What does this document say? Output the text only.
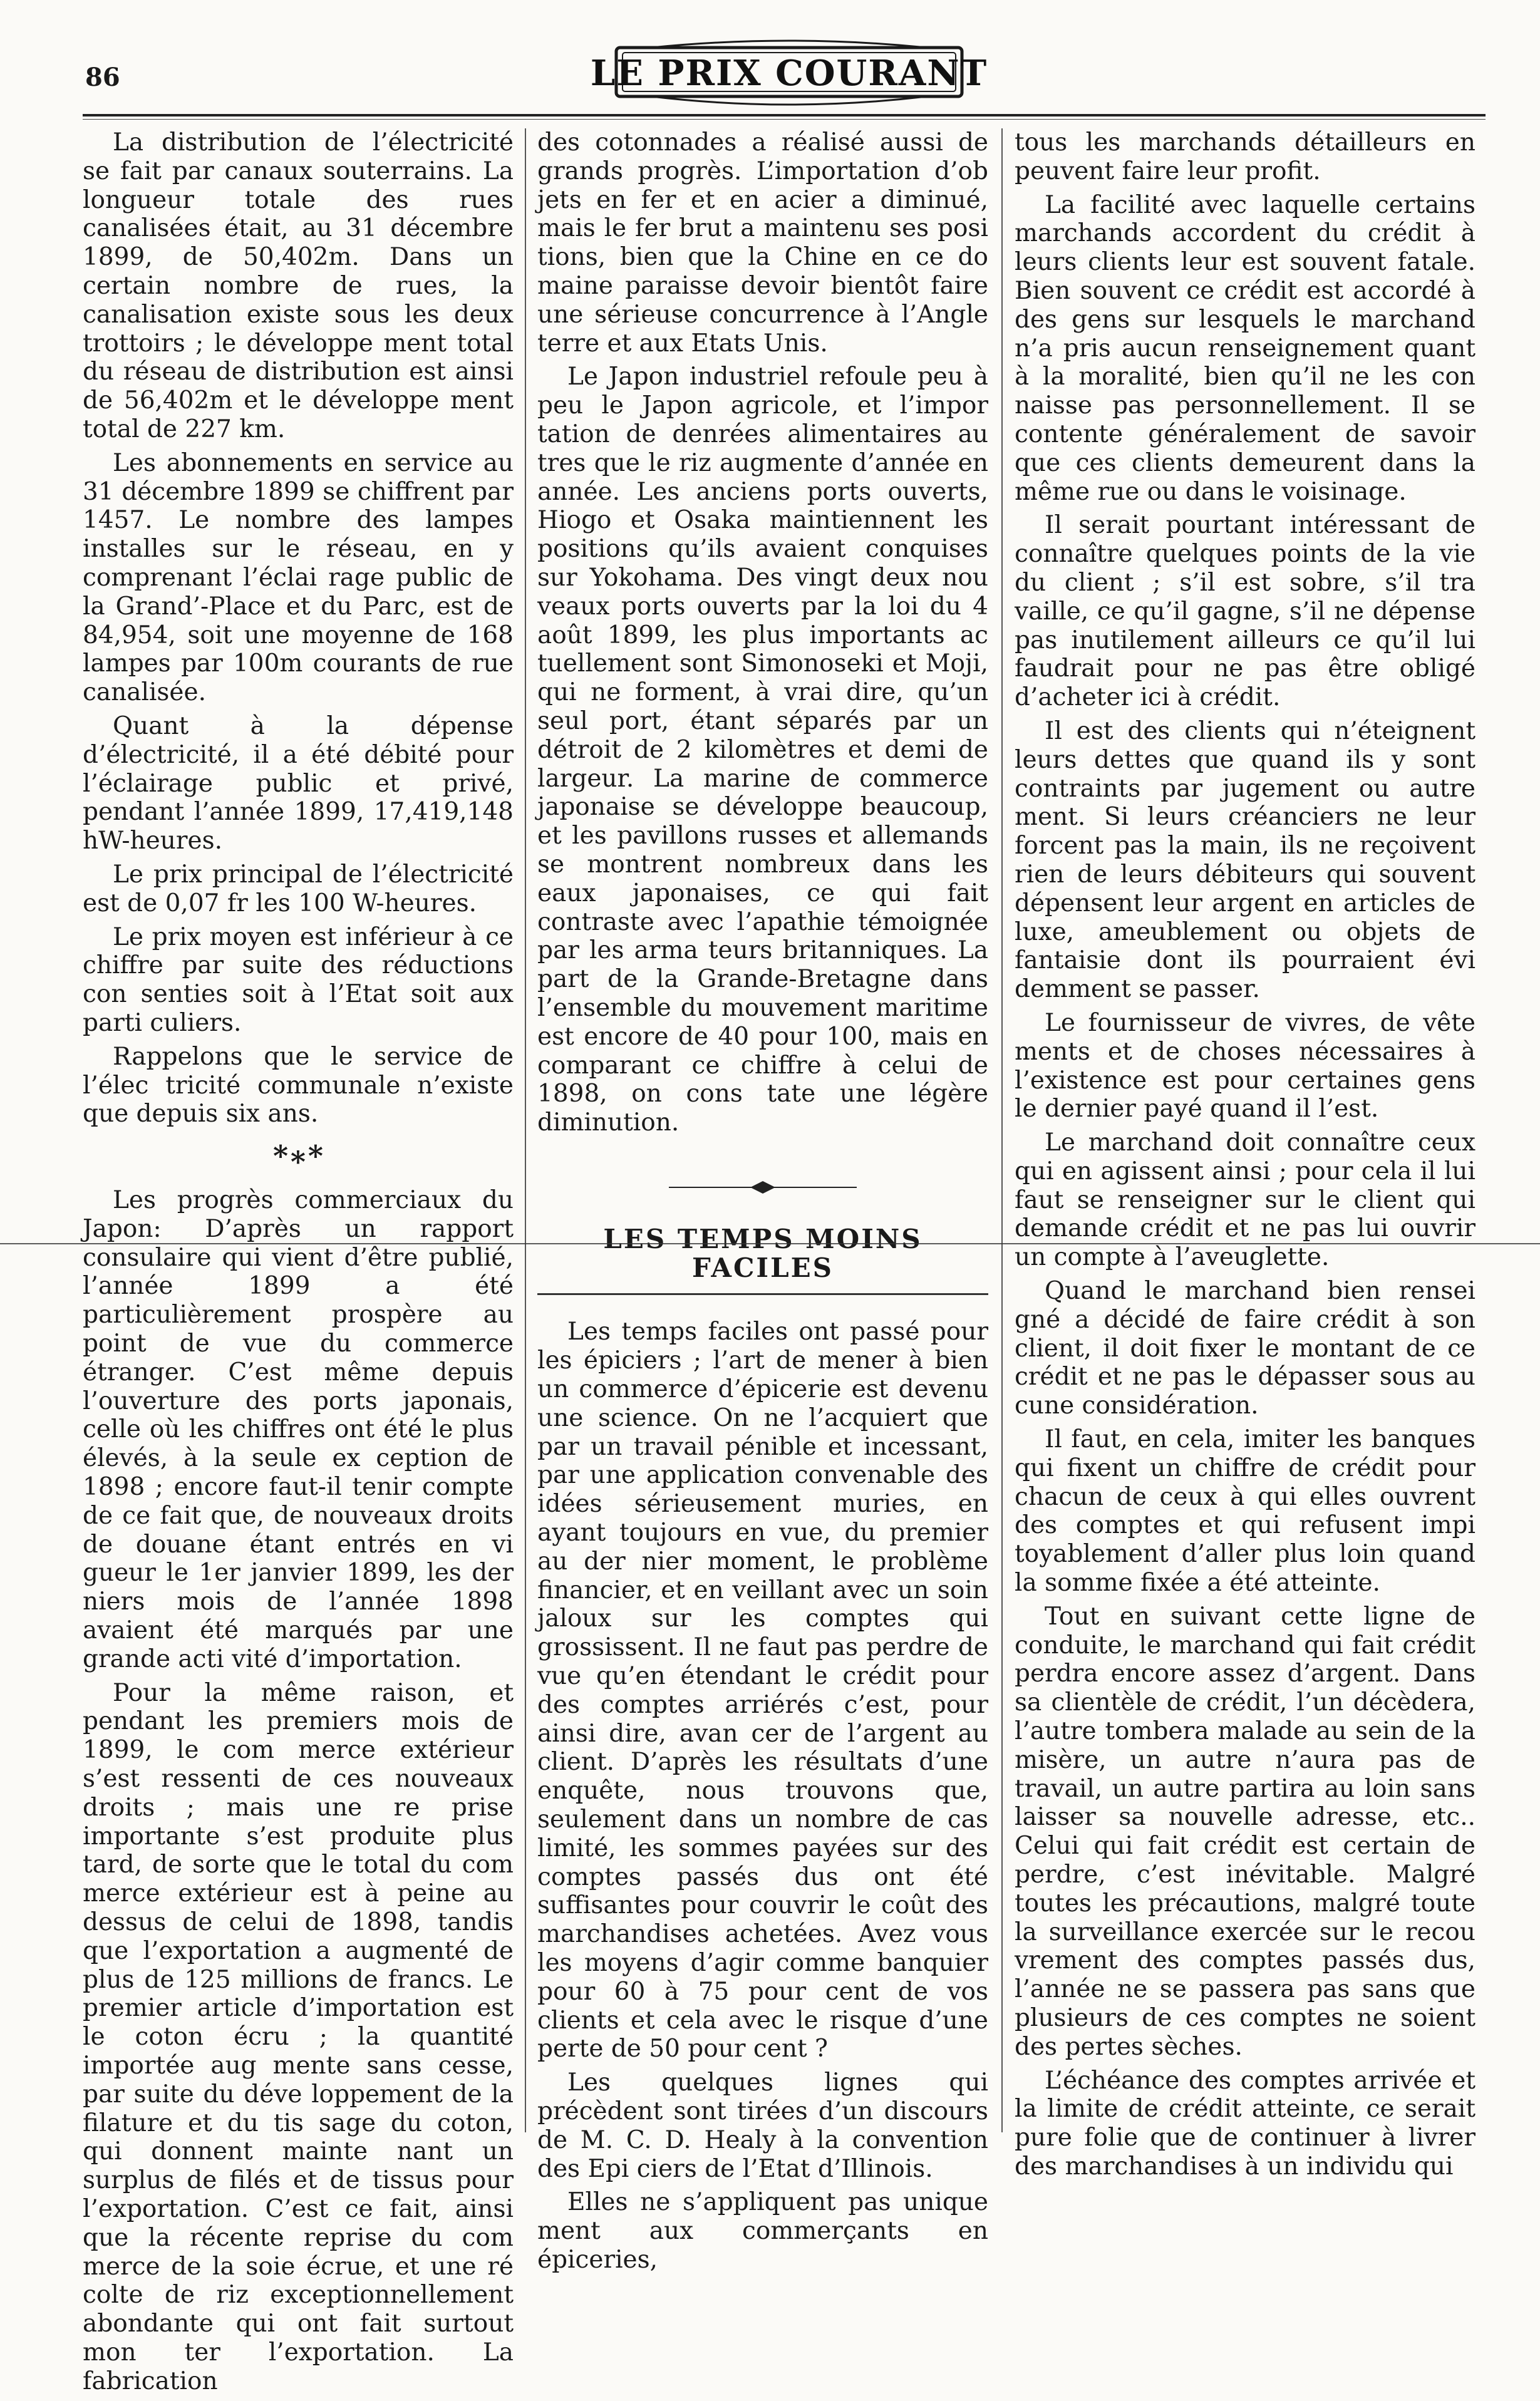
86	LE PRIX COURANT

La distribution de l’électricité se fait par canaux souterrains. La longueur totale des rues canalisées était, au 31 décembre 1899, de 50,402m. Dans un certain nombre de rues, la canalisation existe sous les deux trottoirs ; le développe ment total du réseau de distribution est ainsi de 56,402m et le développe ment total de 227 km.

Les abonnements en service au 31 décembre 1899 se chiffrent par 1457. Le nombre des lampes installes sur le réseau, en y comprenant l’éclai rage public de la Grand’-Place et du Parc, est de 84,954, soit une moyenne de 168 lampes par 100m courants de rue canalisée.

Quant à la dépense d’électricité, il a été débité pour l’éclairage public et privé, pendant l’année 1899, 17,419,148 hW-heures.

Le prix principal de l’électricité est de 0,07 fr les 100 W-heures.

Le prix moyen est inférieur à ce chiffre par suite des réductions con senties soit à l’Etat soit aux parti culiers.

Rappelons que le service de l’élec tricité communale n’existe que depuis six ans.

*∗*

Les progrès commerciaux du Japon: D’après un rapport consulaire qui vient d’être publié, l’année 1899 a été particulièrement prospère au point de vue du commerce étranger. C’est même depuis l’ouverture des ports japonais, celle où les chiffres ont été le plus élevés, à la seule ex ception de 1898 ; encore faut-il tenir compte de ce fait que, de nouveaux droits de douane étant entrés en vi gueur le 1er janvier 1899, les der niers mois de l’année 1898 avaient été marqués par une grande acti vité d’importation.

Pour la même raison, et pendant les premiers mois de 1899, le com merce extérieur s’est ressenti de ces nouveaux droits ; mais une re prise importante s’est produite plus tard, de sorte que le total du com merce extérieur est à peine au dessus de celui de 1898, tandis que l’exportation a augmenté de plus de 125 millions de francs. Le premier article d’importation est le coton écru ; la quantité importée aug mente sans cesse, par suite du déve loppement de la filature et du tis sage du coton, qui donnent mainte nant un surplus de filés et de tissus pour l’exportation. C’est ce fait, ainsi que la récente reprise du com merce de la soie écrue, et une ré colte de riz exceptionnellement abondante qui ont fait surtout mon ter l’exportation. La fabrication

des cotonnades a réalisé aussi de grands progrès. L’importation d’ob jets en fer et en acier a diminué, mais le fer brut a maintenu ses posi tions, bien que la Chine en ce do maine paraisse devoir bientôt faire une sérieuse concurrence à l’Angle terre et aux Etats Unis.

Le Japon industriel refoule peu à peu le Japon agricole, et l’impor tation de denrées alimentaires au tres que le riz augmente d’année en année. Les anciens ports ouverts, Hiogo et Osaka maintiennent les positions qu’ils avaient conquises sur Yokohama. Des vingt deux nou veaux ports ouverts par la loi du 4 août 1899, les plus importants ac tuellement sont Simonoseki et Moji, qui ne forment, à vrai dire, qu’un seul port, étant séparés par un détroit de 2 kilomètres et demi de largeur. La marine de commerce japonaise se développe beaucoup, et les pavillons russes et allemands se montrent nombreux dans les eaux japonaises, ce qui fait contraste avec l’apathie témoignée par les arma teurs britanniques. La part de la Grande-Bretagne dans l’ensemble du mouvement maritime est encore de 40 pour 100, mais en comparant ce chiffre à celui de 1898, on cons tate une légère diminution.

LES TEMPS MOINS FACILES

Les temps faciles ont passé pour les épiciers ; l’art de mener à bien un commerce d’épicerie est devenu une science. On ne l’acquiert que par un travail pénible et incessant, par une application convenable des idées sérieusement muries, en ayant toujours en vue, du premier au der nier moment, le problème financier, et en veillant avec un soin jaloux sur les comptes qui grossissent. Il ne faut pas perdre de vue qu’en étendant le crédit pour des comptes arriérés c’est, pour ainsi dire, avan cer de l’argent au client. D’après les résultats d’une enquête, nous trouvons que, seulement dans un nombre de cas limité, les sommes payées sur des comptes passés dus ont été suffisantes pour couvrir le coût des marchandises achetées. Avez vous les moyens d’agir comme banquier pour 60 à 75 pour cent de vos clients et cela avec le risque d’une perte de 50 pour cent ?

Les quelques lignes qui précèdent sont tirées d’un discours de M. C. D. Healy à la convention des Epi ciers de l’Etat d’Illinois.

Elles ne s’appliquent pas unique ment aux commerçants en épiceries,

tous les marchands détailleurs en peuvent faire leur profit.

La facilité avec laquelle certains marchands accordent du crédit à leurs clients leur est souvent fatale. Bien souvent ce crédit est accordé à des gens sur lesquels le marchand n’a pris aucun renseignement quant à la moralité, bien qu’il ne les con naisse pas personnellement. Il se contente généralement de savoir que ces clients demeurent dans la même rue ou dans le voisinage.

Il serait pourtant intéressant de connaître quelques points de la vie du client ; s’il est sobre, s’il tra vaille, ce qu’il gagne, s’il ne dépense pas inutilement ailleurs ce qu’il lui faudrait pour ne pas être obligé d’acheter ici à crédit.

Il est des clients qui n’éteignent leurs dettes que quand ils y sont contraints par jugement ou autre ment. Si leurs créanciers ne leur forcent pas la main, ils ne reçoivent rien de leurs débiteurs qui souvent dépensent leur argent en articles de luxe, ameublement ou objets de fantaisie dont ils pourraient évi demment se passer.

Le fournisseur de vivres, de vête ments et de choses nécessaires à l’existence est pour certaines gens le dernier payé quand il l’est.

Le marchand doit connaître ceux qui en agissent ainsi ; pour cela il lui faut se renseigner sur le client qui demande crédit et ne pas lui ouvrir un compte à l’aveuglette.

Quand le marchand bien rensei gné a décidé de faire crédit à son client, il doit fixer le montant de ce crédit et ne pas le dépasser sous au cune considération.

Il faut, en cela, imiter les banques qui fixent un chiffre de crédit pour chacun de ceux à qui elles ouvrent des comptes et qui refusent impi toyablement d’aller plus loin quand la somme fixée a été atteinte.

Tout en suivant cette ligne de conduite, le marchand qui fait crédit perdra encore assez d’argent. Dans sa clientèle de crédit, l’un décèdera, l’autre tombera malade au sein de la misère, un autre n’aura pas de travail, un autre partira au loin sans laisser sa nouvelle adresse, etc.. Celui qui fait crédit est certain de perdre, c’est inévitable. Malgré toutes les précautions, malgré toute la surveillance exercée sur le recou vrement des comptes passés dus, l’année ne se passera pas sans que plusieurs de ces comptes ne soient des pertes sèches.

L’échéance des comptes arrivée et la limite de crédit atteinte, ce serait pure folie que de continuer à livrer des marchandises à un individu qui
